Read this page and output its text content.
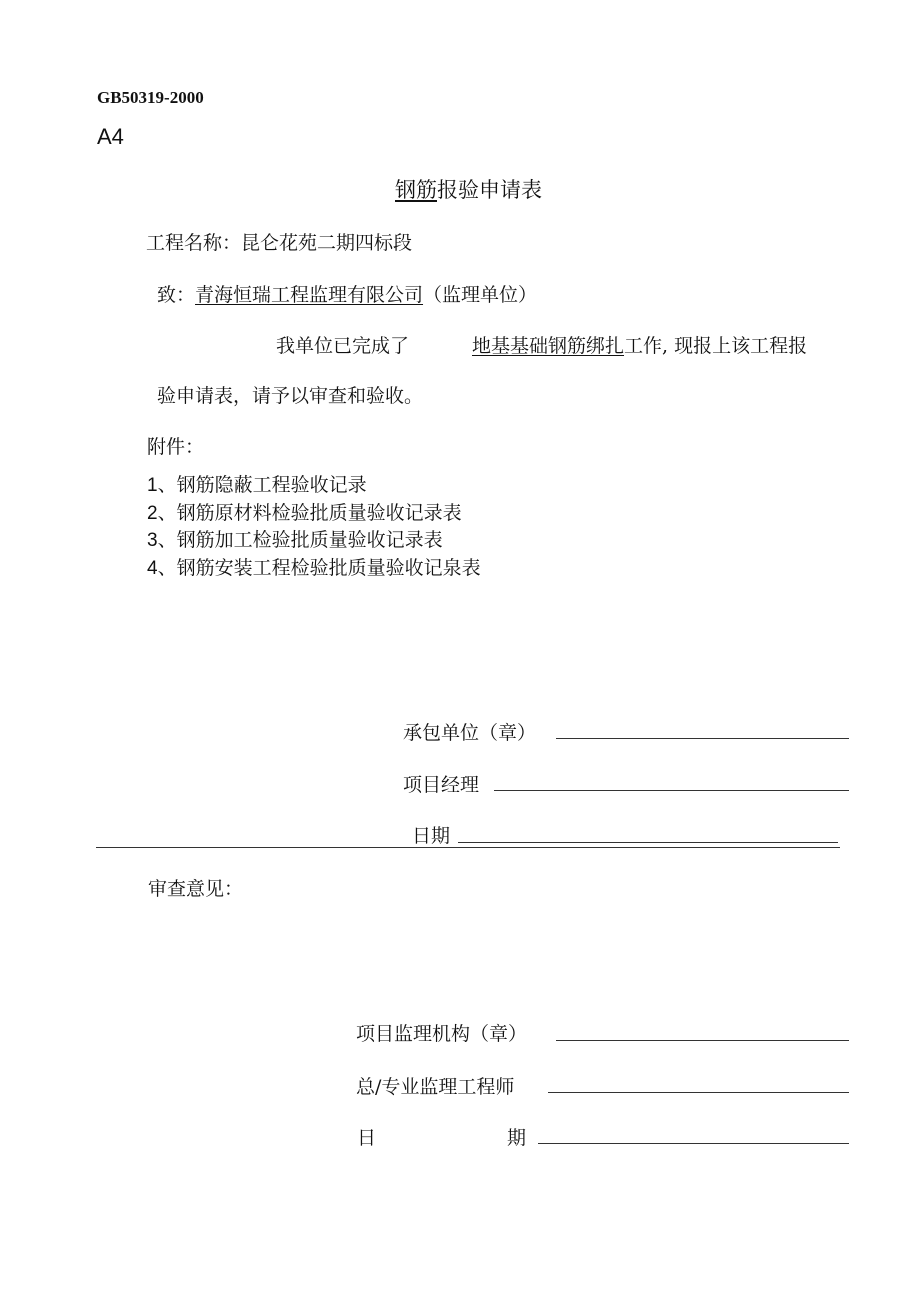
GB50319-2000
A4
钢筋报验申请表
工程名称：昆仑花苑二期四标段
致：青海恒瑞工程监理有限公司（监理单位）
我单位已完成了	地基基础钢筋绑扎工作, 现报上该工程报
验申请表，请予以审查和验收。
附件：
1、钢筋隐蔽工程验收记录
2、钢筋原材料检验批质量验收记录表
3、钢筋加工检验批质量验收记录表
4、钢筋安装工程检验批质量验收记泉表
承包单位（章）
项目经理
日期
审查意见：
项目监理机构（章）
总/专业监理工程师
日	期
